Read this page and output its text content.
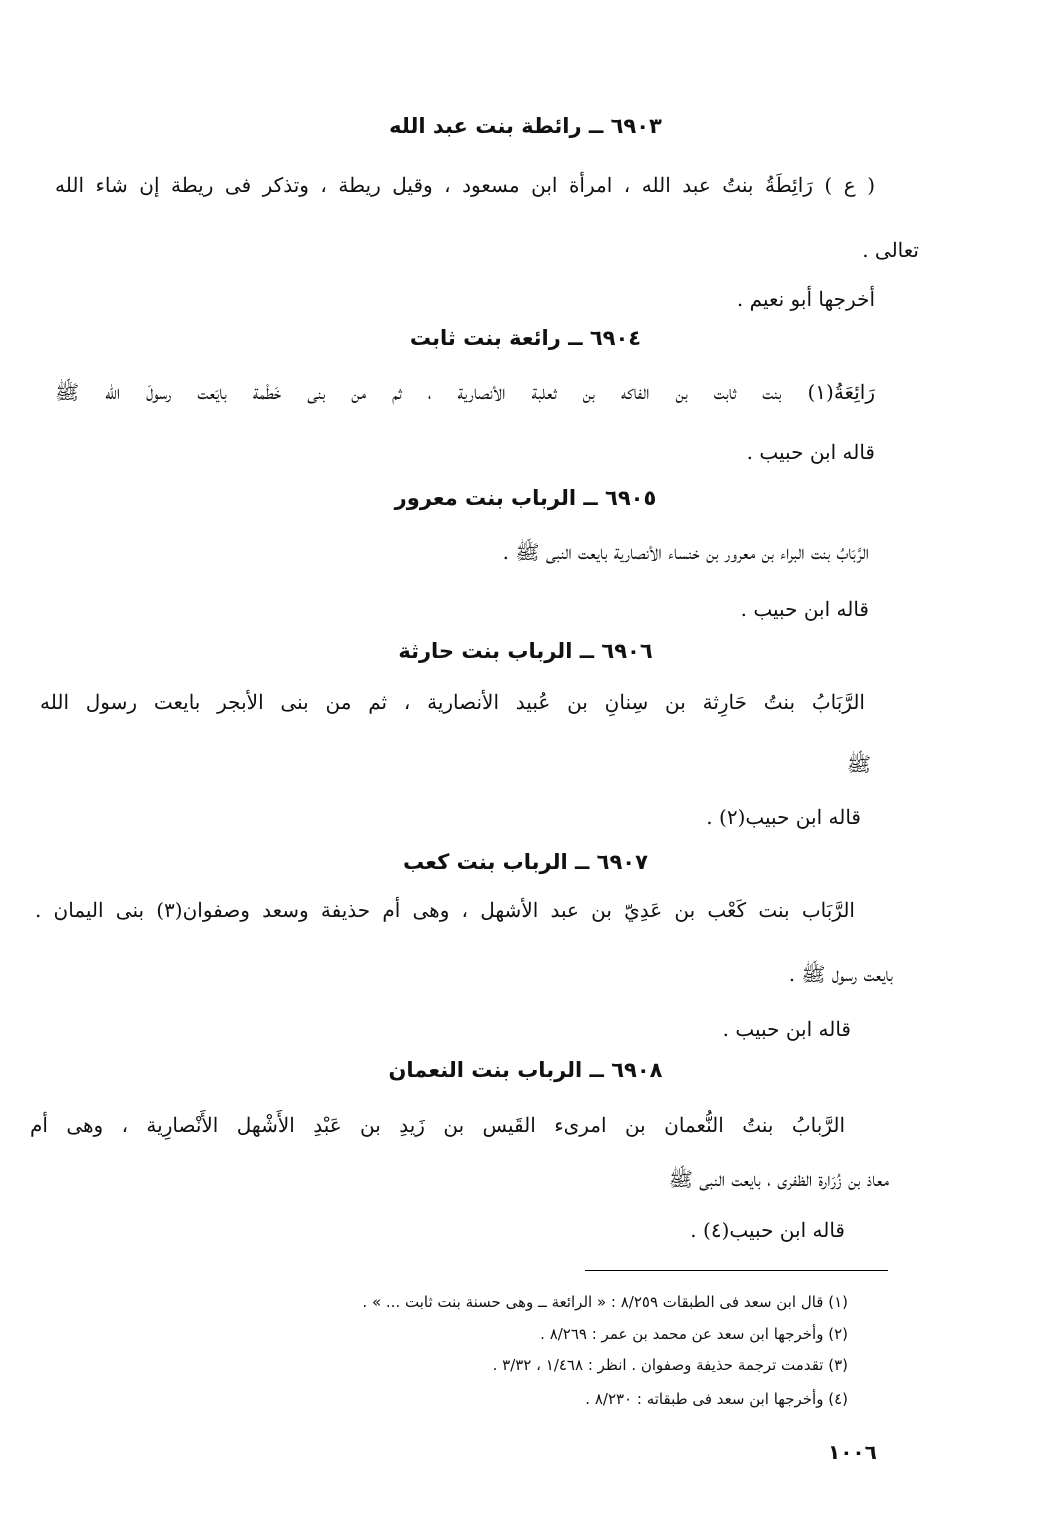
٦٩٠٣ ــ رائطة بنت عبد الله
( ع ) رَائِطَةُ بنتُ عبد الله ، امرأة ابن مسعود ، وقيل ريطة ، وتذكر فى ريطة إن شاء الله
تعالى .
أخرجها أبو نعيم .
٦٩٠٤ ــ رائعة بنت ثابت
رَائِعَةُ(١) بنت ثابت بن الفاكه بن ثعلبة الأنصارية ، ثم من بنى خَطْمة بايَعت رسولَ الله ﷺ
قاله ابن حبيب .
٦٩٠٥ ــ الرباب بنت معرور
الرَّبَابُ بنت البراء بن معرور بن خنساء الأنصارية بايعت النبى ﷺ .
قاله ابن حبيب .
٦٩٠٦ ــ الرباب بنت حارثة
الرَّبَابُ بنتُ حَارِثة بن سِنانِ بن عُبيد الأنصارية ، ثم من بنى الأبجر بايعت رسول الله
ﷺ
قاله ابن حبيب(٢) .
٦٩٠٧ ــ الرباب بنت كعب
الرَّبَاب بنت كَعْب بن عَدِيّ بن عبد الأشهل ، وهى أم حذيفة وسعد وصفوان(٣) بنى اليمان .
بايعت رسول ﷺ .
قاله ابن حبيب .
٦٩٠٨ ــ الرباب بنت النعمان
الرَّبابُ بنتُ النُّعمان بن امرىء القَيس بن زَيدِ بن عَبْدِ الأَشْهل الأَنْصارِية ، وهى أم
معاذ بن زُرَارة الظفرى ، بايعت النبى ﷺ
قاله ابن حبيب(٤) .
(١) قال ابن سعد فى الطبقات ٨/٢٥٩ : « الرائعة ــ وهى حسنة بنت ثابت ... » .
(٢) وأخرجها ابن سعد عن محمد بن عمر : ٨/٢٦٩ .
(٣) تقدمت ترجمة حذيفة وصفوان . انظر : ١/٤٦٨ ، ٣/٣٢ .
(٤) وأخرجها ابن سعد فى طبقاته : ٨/٢٣٠ .
١٠٠٦
